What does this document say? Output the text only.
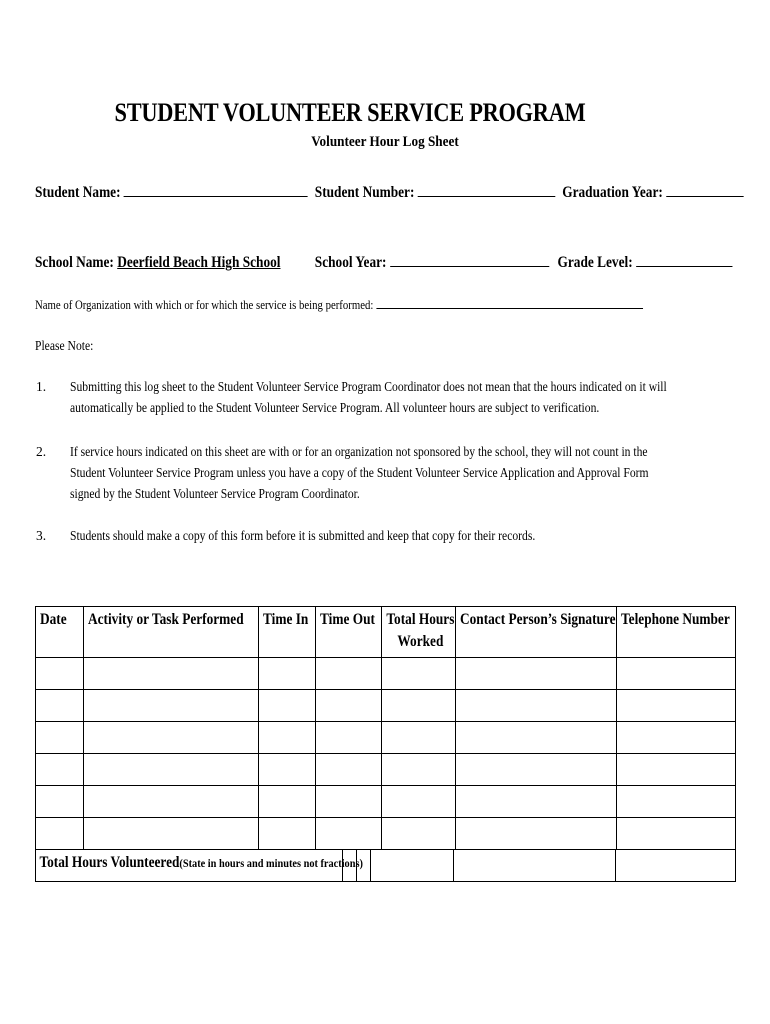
STUDENT VOLUNTEER SERVICE PROGRAM
Volunteer Hour Log Sheet
Student Name:	Student Number:	Graduation Year:
School Name: Deerfield Beach High School School Year:	Grade Level:
Name of Organization with which or for which the service is being performed:
Please Note:
1.	Submitting this log sheet to the Student Volunteer Service Program Coordinator does not mean that the hours indicated on it will automatically be applied to the Student Volunteer Service Program. All volunteer hours are subject to verification.
2.	If service hours indicated on this sheet are with or for an organization not sponsored by the school, they will not count in the Student Volunteer Service Program unless you have a copy of the Student Volunteer Service Application and Approval Form signed by the Student Volunteer Service Program Coordinator.
3.	Students should make a copy of this form before it is submitted and keep that copy for their records.
Date	Activity or Task Performed	Time In	Time Out	Total Hours Worked	Contact Person’s Signature	Telephone Number

Total Hours Volunteered(State in hours and minutes not fractions)						
